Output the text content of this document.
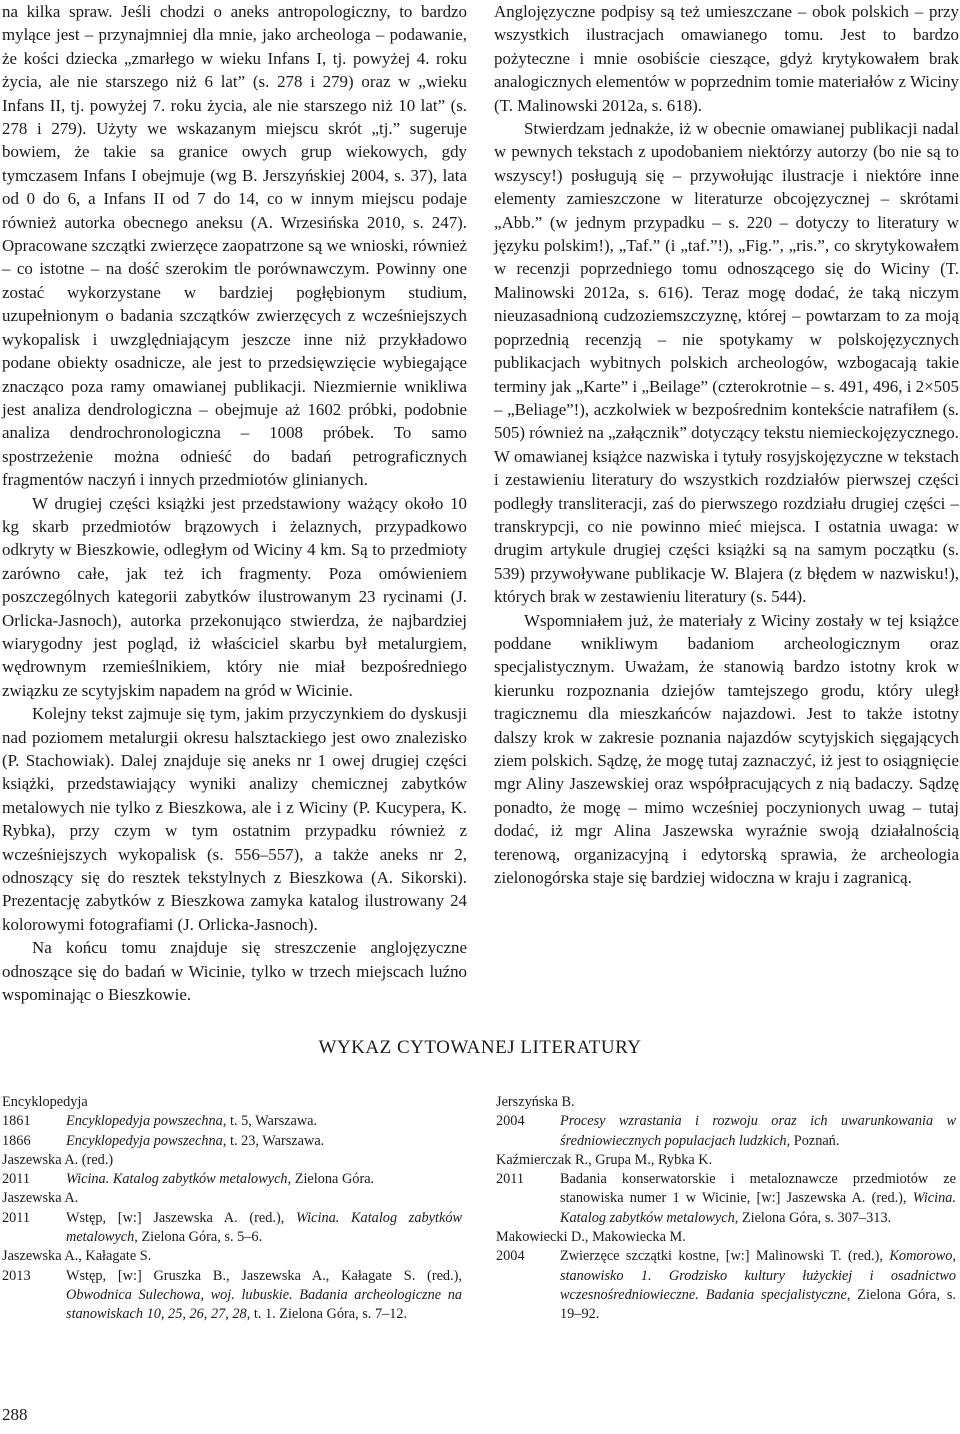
na kilka spraw. Jeśli chodzi o aneks antropologiczny, to bardzo mylące jest – przynajmniej dla mnie, jako archeologa – podawanie, że kości dziecka „zmarłego w wieku Infans I, tj. powyżej 4. roku życia, ale nie starszego niż 6 lat” (s. 278 i 279) oraz w „wieku Infans II, tj. powyżej 7. roku życia, ale nie starszego niż 10 lat” (s. 278 i 279). Użyty we wskazanym miejscu skrót „tj.” sugeruje bowiem, że takie sa granice owych grup wiekowych, gdy tymczasem Infans I obejmuje (wg B. Jerszyńskiej 2004, s. 37), lata od 0 do 6, a Infans II od 7 do 14, co w innym miejscu podaje również autorka obecnego aneksu (A. Wrzesińska 2010, s. 247). Opracowane szczątki zwierzęce zaopatrzone są we wnioski, również – co istotne – na dość szerokim tle porównawczym. Powinny one zostać wykorzystane w bardziej pogłębionym studium, uzupełnionym o badania szczątków zwierzęcych z wcześniejszych wykopalisk i uwzględniającym jeszcze inne niż przykładowo podane obiekty osadnicze, ale jest to przedsięwzięcie wybiegające znacząco poza ramy omawianej publikacji. Niezmiernie wnikliwa jest analiza dendrologiczna – obejmuje aż 1602 próbki, podobnie analiza dendrochronologiczna – 1008 próbek. To samo spostrzeżenie można odnieść do badań petrograficznych fragmentów naczyń i innych przedmiotów glinianych.

W drugiej części książki jest przedstawiony ważący około 10 kg skarb przedmiotów brązowych i żelaznych, przypadkowo odkryty w Bieszkowie, odległym od Wiciny 4 km. Są to przedmioty zarówno całe, jak też ich fragmenty. Poza omówieniem poszczególnych kategorii zabytków ilustrowanym 23 rycinami (J. Orlicka-Jasnoch), autorka przekonująco stwierdza, że najbardziej wiarygodny jest pogląd, iż właściciel skarbu był metalurgiem, wędrownym rzemieślnikiem, który nie miał bezpośredniego związku ze scytyjskim napadem na gród w Wicinie.

Kolejny tekst zajmuje się tym, jakim przyczynkiem do dyskusji nad poziomem metalurgii okresu halsztackiego jest owo znalezisko (P. Stachowiak). Dalej znajduje się aneks nr 1 owej drugiej części książki, przedstawiający wyniki analizy chemicznej zabytków metalowych nie tylko z Bieszkowa, ale i z Wiciny (P. Kucypera, K. Rybka), przy czym w tym ostatnim przypadku również z wcześniejszych wykopalisk (s. 556–557), a także aneks nr 2, odnoszący się do resztek tekstylnych z Bieszkowa (A. Sikorski). Prezentację zabytków z Bieszkowa zamyka katalog ilustrowany 24 kolorowymi fotografiami (J. Orlicka-Jasnoch).

Na końcu tomu znajduje się streszczenie anglojęzyczne odnoszące się do badań w Wicinie, tylko w trzech miejscach luźno wspominając o Bieszkowie.

Anglojęzyczne podpisy są też umieszczane – obok polskich – przy wszystkich ilustracjach omawianego tomu. Jest to bardzo pożyteczne i mnie osobiście cieszące, gdyż krytykowałem brak analogicznych elementów w poprzednim tomie materiałów z Wiciny (T. Malinowski 2012a, s. 618).

Stwierdzam jednakże, iż w obecnie omawianej publikacji nadal w pewnych tekstach z upodobaniem niektórzy autorzy (bo nie są to wszyscy!) posługują się – przywołując ilustracje i niektóre inne elementy zamieszczone w literaturze obcojęzycznej – skrótami „Abb.” (w jednym przypadku – s. 220 – dotyczy to literatury w języku polskim!), „Taf.” (i „taf.”!), „Fig.”, „ris.”, co skrytykowałem w recenzji poprzedniego tomu odnoszącego się do Wiciny (T. Malinowski 2012a, s. 616). Teraz mogę dodać, że taką niczym nieuzasadnioną cudzoziemszczyznę, której – powtarzam to za moją poprzednią recenzją – nie spotykamy w polskojęzycznych publikacjach wybitnych polskich archeologów, wzbogacają takie terminy jak „Karte” i „Beilage” (czterokrotnie – s. 491, 496, i 2×505 – „Beliage”!), aczkolwiek w bezpośrednim kontekście natrafiłem (s. 505) również na „załącznik” dotyczący tekstu niemieckojęzycznego. W omawianej książce nazwiska i tytuły rosyjskojęzyczne w tekstach i zestawieniu literatury do wszystkich rozdziałów pierwszej części podległy transliteracji, zaś do pierwszego rozdziału drugiej części – transkrypcji, co nie powinno mieć miejsca. I ostatnia uwaga: w drugim artykule drugiej części książki są na samym początku (s. 539) przywoływane publikacje W. Blajera (z błędem w nazwisku!), których brak w zestawieniu literatury (s. 544).

Wspomniałem już, że materiały z Wiciny zostały w tej książce poddane wnikliwym badaniom archeologicznym oraz specjalistycznym. Uważam, że stanowią bardzo istotny krok w kierunku rozpoznania dziejów tamtejszego grodu, który uległ tragicznemu dla mieszkańców najazdowi. Jest to także istotny dalszy krok w zakresie poznania najazdów scytyjskich sięgających ziem polskich. Sądzę, że mogę tutaj zaznaczyć, iż jest to osiągnięcie mgr Aliny Jaszewskiej oraz współpracujących z nią badaczy. Sądzę ponadto, że mogę – mimo wcześniej poczynionych uwag – tutaj dodać, iż mgr Alina Jaszewska wyraźnie swoją działalnością terenową, organizacyjną i edytorską sprawia, że archeologia zielonogórska staje się bardziej widoczna w kraju i zagranicą.

WYKAZ CYTOWANEJ LITERATURY
Encyklopedyja
1861	Encyklopedyja powszechna, t. 5, Warszawa.
1866	Encyklopedyja powszechna, t. 23, Warszawa.
Jaszewska A. (red.)
2011	Wicina. Katalog zabytków metalowych, Zielona Góra.
Jaszewska A.
2011	Wstęp, [w:] Jaszewska A. (red.), Wicina. Katalog zabytków metalowych, Zielona Góra, s. 5–6.
Jaszewska A., Kałagate S.
2013	Wstęp, [w:] Gruszka B., Jaszewska A., Kałagate S. (red.), Obwodnica Sulechowa, woj. lubuskie. Badania archeologiczne na stanowiskach 10, 25, 26, 27, 28, t. 1. Zielona Góra, s. 7–12.
Jerszyńska B.
2004	Procesy wzrastania i rozwoju oraz ich uwarunkowania w średniowiecznych populacjach ludzkich, Poznań.
Kaźmierczak R., Grupa M., Rybka K.
2011	Badania konserwatorskie i metaloznawcze przedmiotów ze stanowiska numer 1 w Wicinie, [w:] Jaszewska A. (red.), Wicina. Katalog zabytków metalowych, Zielona Góra, s. 307–313.
Makowiecki D., Makowiecka M.
2004	Zwierzęce szczątki kostne, [w:] Malinowski T. (red.), Komorowo, stanowisko 1. Grodzisko kultury łużyckiej i osadnictwo wczesnośredniowieczne. Badania specjalistyczne, Zielona Góra, s. 19–92.
288
